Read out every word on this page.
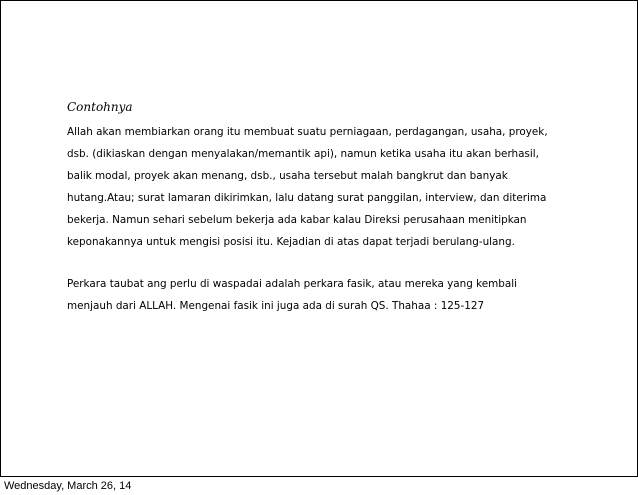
Contohnya

Allah akan membiarkan orang itu membuat suatu perniagaan, perdagangan, usaha, proyek,
dsb. (dikiaskan dengan menyalakan/memantik api), namun ketika usaha itu akan berhasil,
balik modal, proyek akan menang, dsb., usaha tersebut malah bangkrut dan banyak
hutang.Atau; surat lamaran dikirimkan, lalu datang surat panggilan, interview, dan diterima
bekerja. Namun sehari sebelum bekerja ada kabar kalau Direksi perusahaan menitipkan
keponakannya untuk mengisi posisi itu. Kejadian di atas dapat terjadi berulang-ulang.

Perkara taubat ang perlu di waspadai adalah perkara fasik, atau mereka yang kembali
menjauh dari ALLAH. Mengenai fasik ini juga ada di surah QS. Thahaa : 125-127

Wednesday, March 26, 14
